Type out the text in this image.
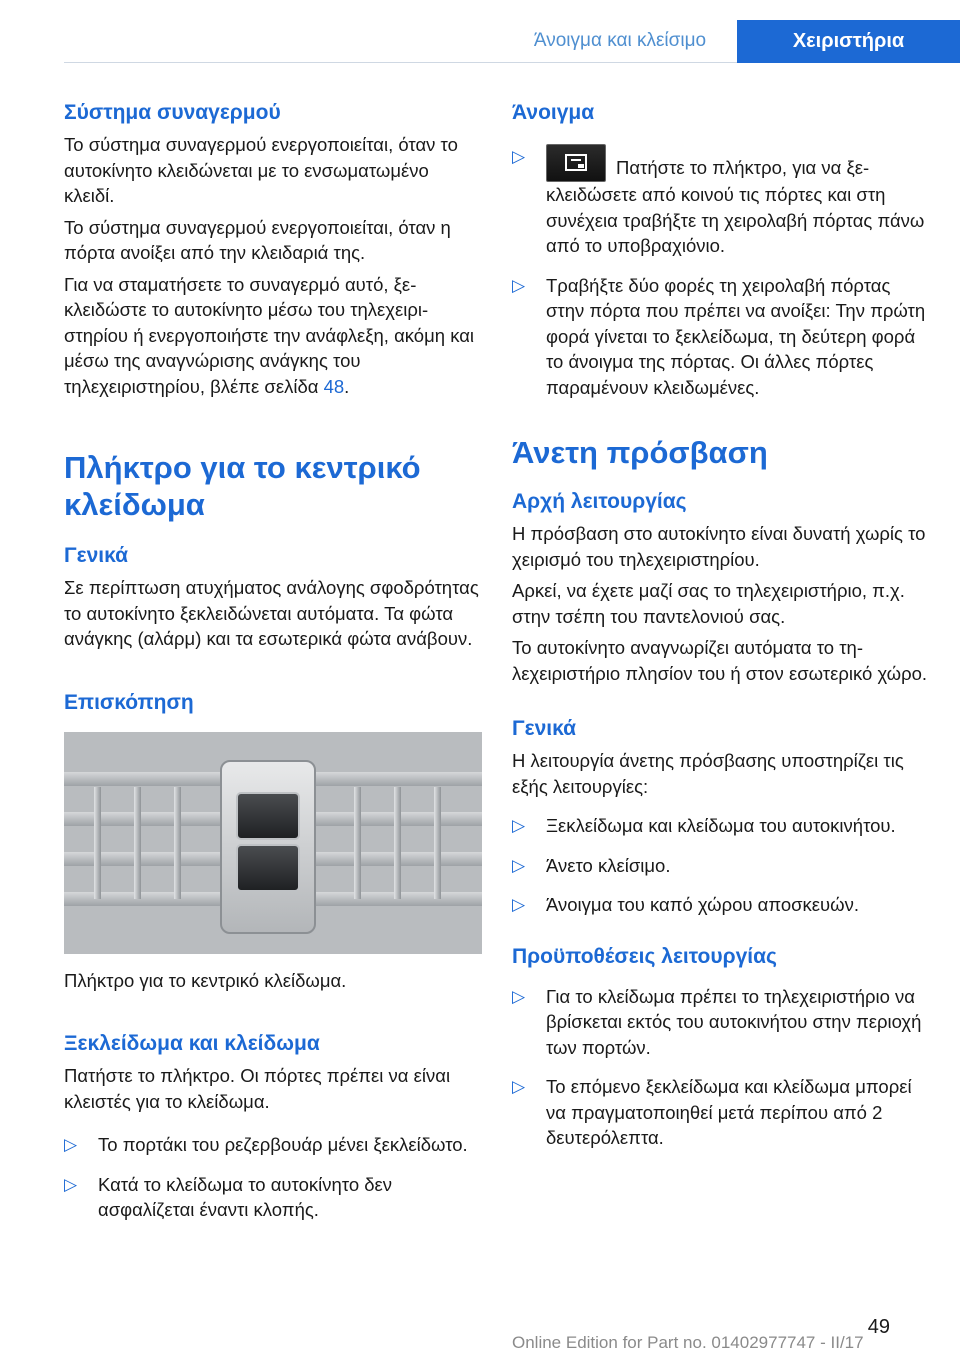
Άνοιγμα και κλείσιμο	Χειριστήρια
Σύστημα συναγερμού

Το σύστημα συναγερμού ενεργοποιείται, όταν το αυτοκίνητο κλειδώνεται με το ενσωματωμένο κλειδί.

Το σύστημα συναγερμού ενεργοποιείται, όταν η πόρτα ανοίξει από την κλειδαριά της.

Για να σταματήσετε το συναγερμό αυτό, ξεκλειδώστε το αυτοκίνητο μέσω του τηλεχειριστηρίου ή ενεργοποιήστε την ανάφλεξη, ακόμη και μέσω της αναγνώρισης ανάγκης του τηλεχειριστηρίου, βλέπε σελίδα 48.

Πλήκτρο για το κεντρικό κλείδωμα
Γενικά

Σε περίπτωση ατυχήματος ανάλογης σφοδρότητας το αυτοκίνητο ξεκλειδώνεται αυτόματα. Τα φώτα ανάγκης (αλάρμ) και τα εσωτερικά φώτα ανάβουν.

Επισκόπηση

Πλήκτρο για το κεντρικό κλείδωμα.

Ξεκλείδωμα και κλείδωμα

Πατήστε το πλήκτρο. Οι πόρτες πρέπει να είναι κλειστές για το κλείδωμα.

▷ Το πορτάκι του ρεζερβουάρ μένει ξεκλείδωτο.
▷ Κατά το κλείδωμα το αυτοκίνητο δεν ασφαλίζεται έναντι κλοπής.
Άνοιγμα
▷
Πατήστε το πλήκτρο, για να ξεκλειδώσετε από κοινού τις πόρτες και στη συνέχεια τραβήξτε τη χειρολαβή πόρτας πάνω από το υποβραχιόνιο.
▷ Τραβήξτε δύο φορές τη χειρολαβή πόρτας στην πόρτα που πρέπει να ανοίξει: Την πρώτη φορά γίνεται το ξεκλείδωμα, τη δεύτερη φορά το άνοιγμα της πόρτας. Οι άλλες πόρτες παραμένουν κλειδωμένες.
Άνετη πρόσβαση
Αρχή λειτουργίας

Η πρόσβαση στο αυτοκίνητο είναι δυνατή χωρίς το χειρισμό του τηλεχειριστηρίου.

Αρκεί, να έχετε μαζί σας το τηλεχειριστήριο, π.χ. στην τσέπη του παντελονιού σας.

Το αυτοκίνητο αναγνωρίζει αυτόματα το τηλεχειριστήριο πλησίον του ή στον εσωτερικό χώρο.

Γενικά

Η λειτουργία άνετης πρόσβασης υποστηρίζει τις εξής λειτουργίες:

▷ Ξεκλείδωμα και κλείδωμα του αυτοκινήτου.
▷ Άνετο κλείσιμο.
▷ Άνοιγμα του καπό χώρου αποσκευών.
Προϋποθέσεις λειτουργίας
▷ Για το κλείδωμα πρέπει το τηλεχειριστήριο να βρίσκεται εκτός του αυτοκινήτου στην περιοχή των πορτών.
▷ Το επόμενο ξεκλείδωμα και κλείδωμα μπορεί να πραγματοποιηθεί μετά περίπου από 2 δευτερόλεπτα.
49
Online Edition for Part no. 01402977747 - II/17
